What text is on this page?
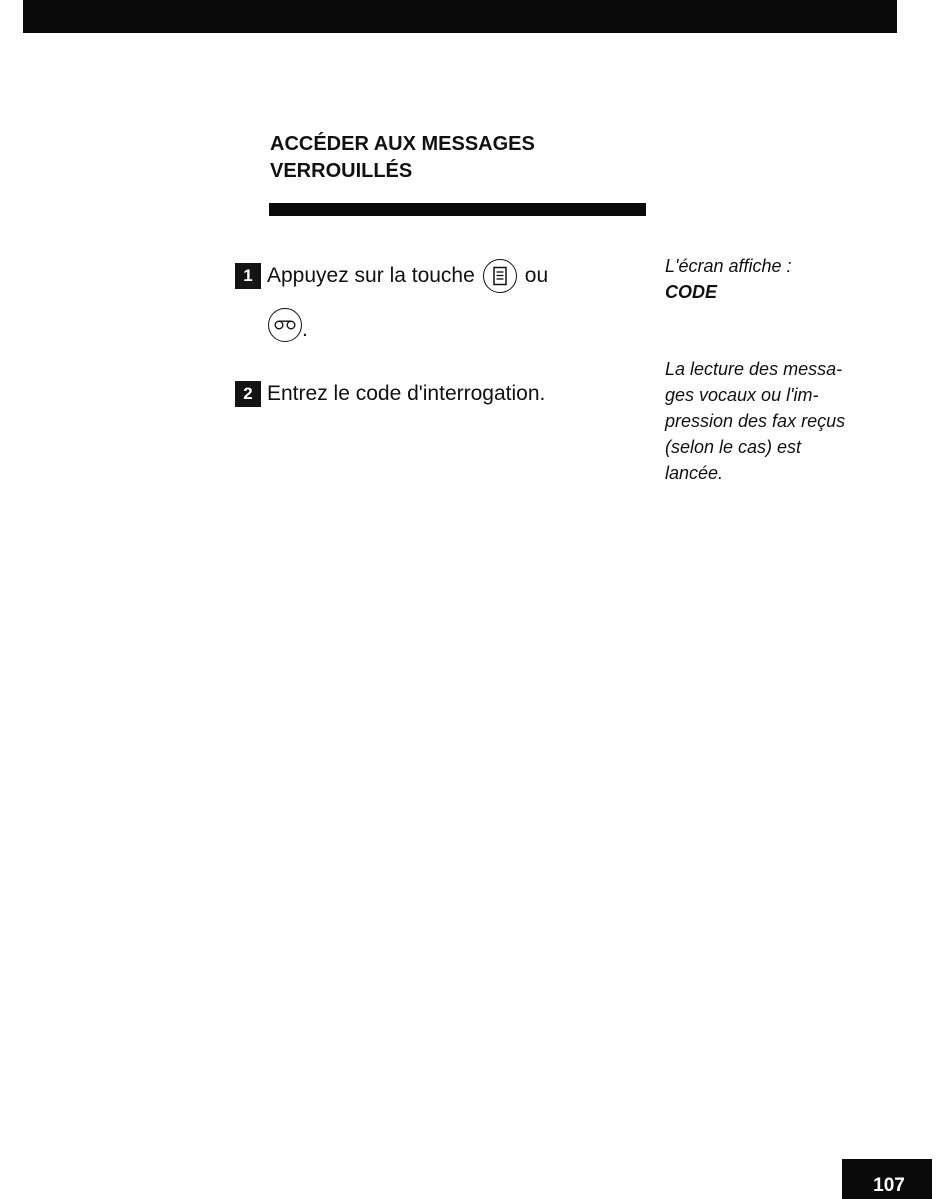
ACCÉDER AUX MESSAGES
VERROUILLÉS
1 Appuyez sur la touche ou
.
2 Entrez le code d'interrogation.
L'écran affiche :
CODE
La lecture des messa-
ges vocaux ou l'im-
pression des fax reçus
(selon le cas) est
lancée.
107
